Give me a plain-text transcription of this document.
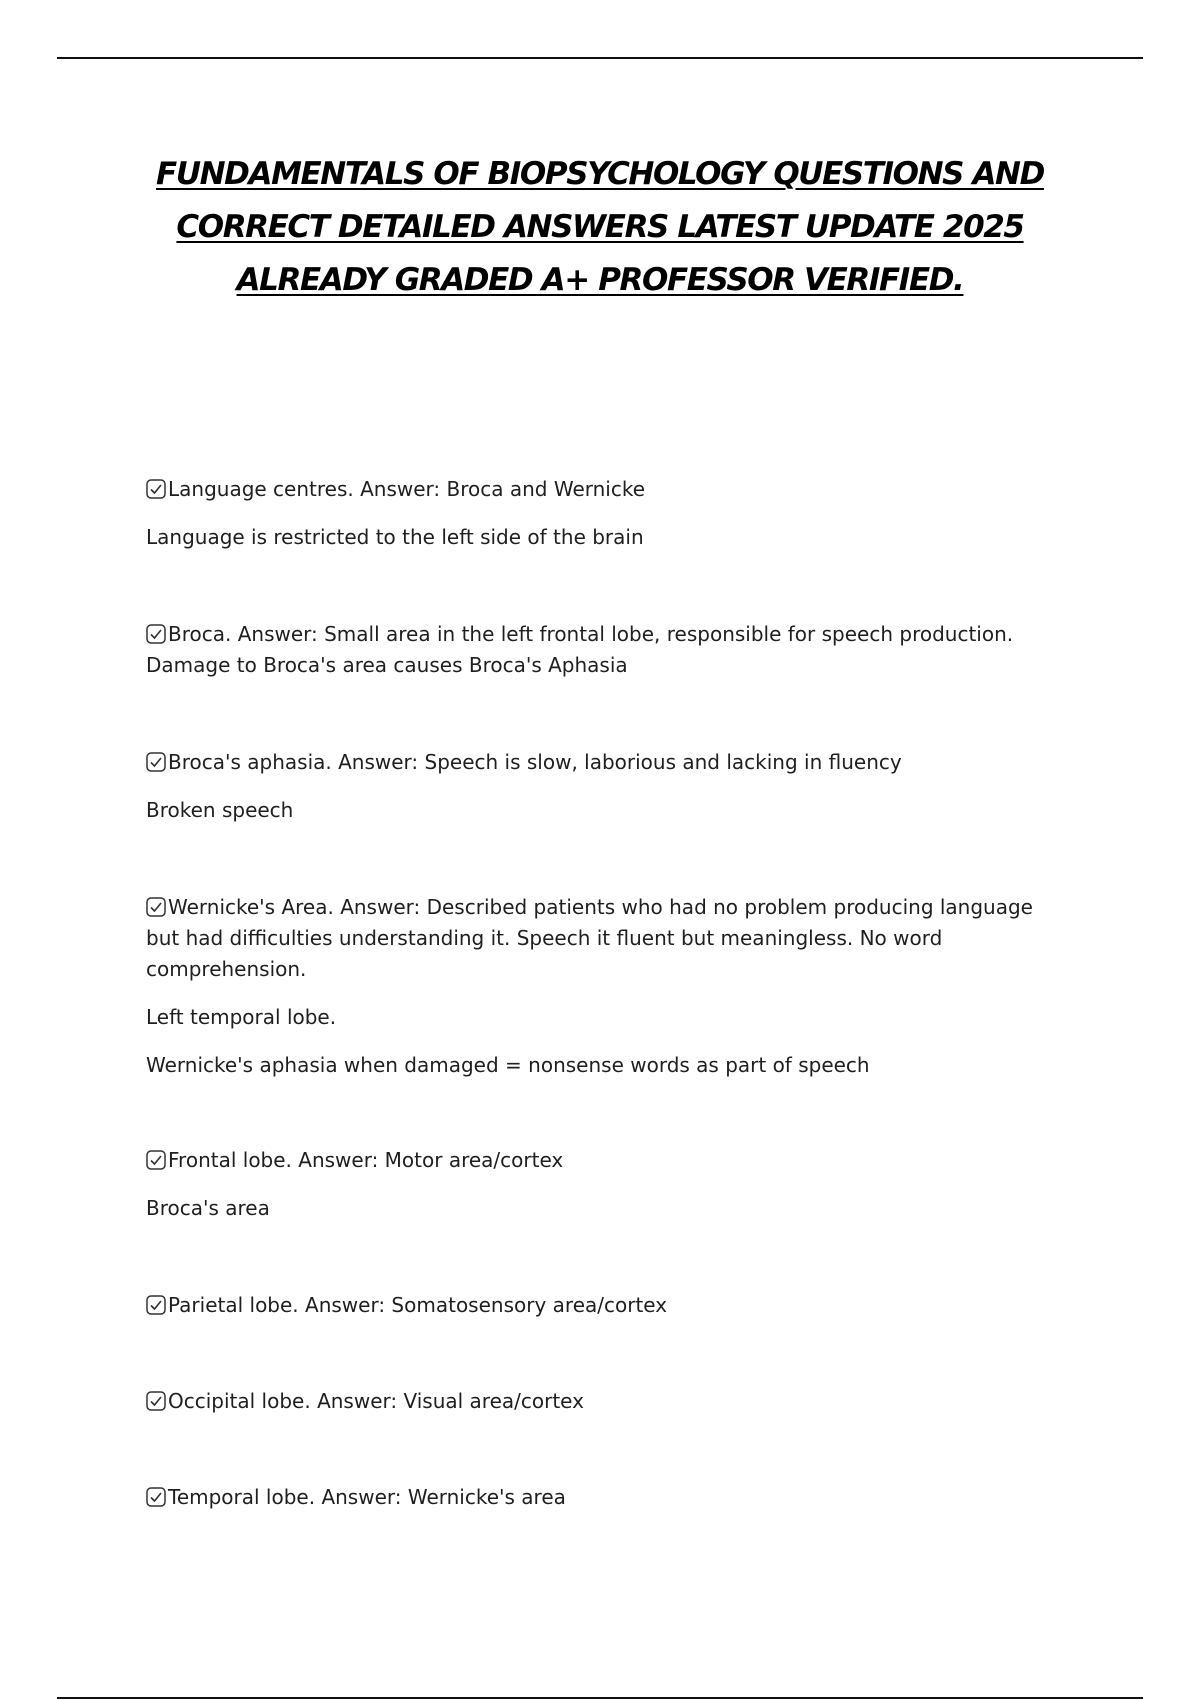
FUNDAMENTALS OF BIOPSYCHOLOGY QUESTIONS AND CORRECT DETAILED ANSWERS LATEST UPDATE 2025 ALREADY GRADED A+ PROFESSOR VERIFIED.
Language centres. Answer: Broca and Wernicke
Language is restricted to the left side of the brain
Broca. Answer: Small area in the left frontal lobe, responsible for speech production. Damage to Broca's area causes Broca's Aphasia
Broca's aphasia. Answer: Speech is slow, laborious and lacking in fluency
Broken speech
Wernicke's Area. Answer: Described patients who had no problem producing language but had difficulties understanding it. Speech it fluent but meaningless. No word comprehension.
Left temporal lobe.
Wernicke's aphasia when damaged = nonsense words as part of speech
Frontal lobe. Answer: Motor area/cortex
Broca's area
Parietal lobe. Answer: Somatosensory area/cortex
Occipital lobe. Answer: Visual area/cortex
Temporal lobe. Answer: Wernicke's area
